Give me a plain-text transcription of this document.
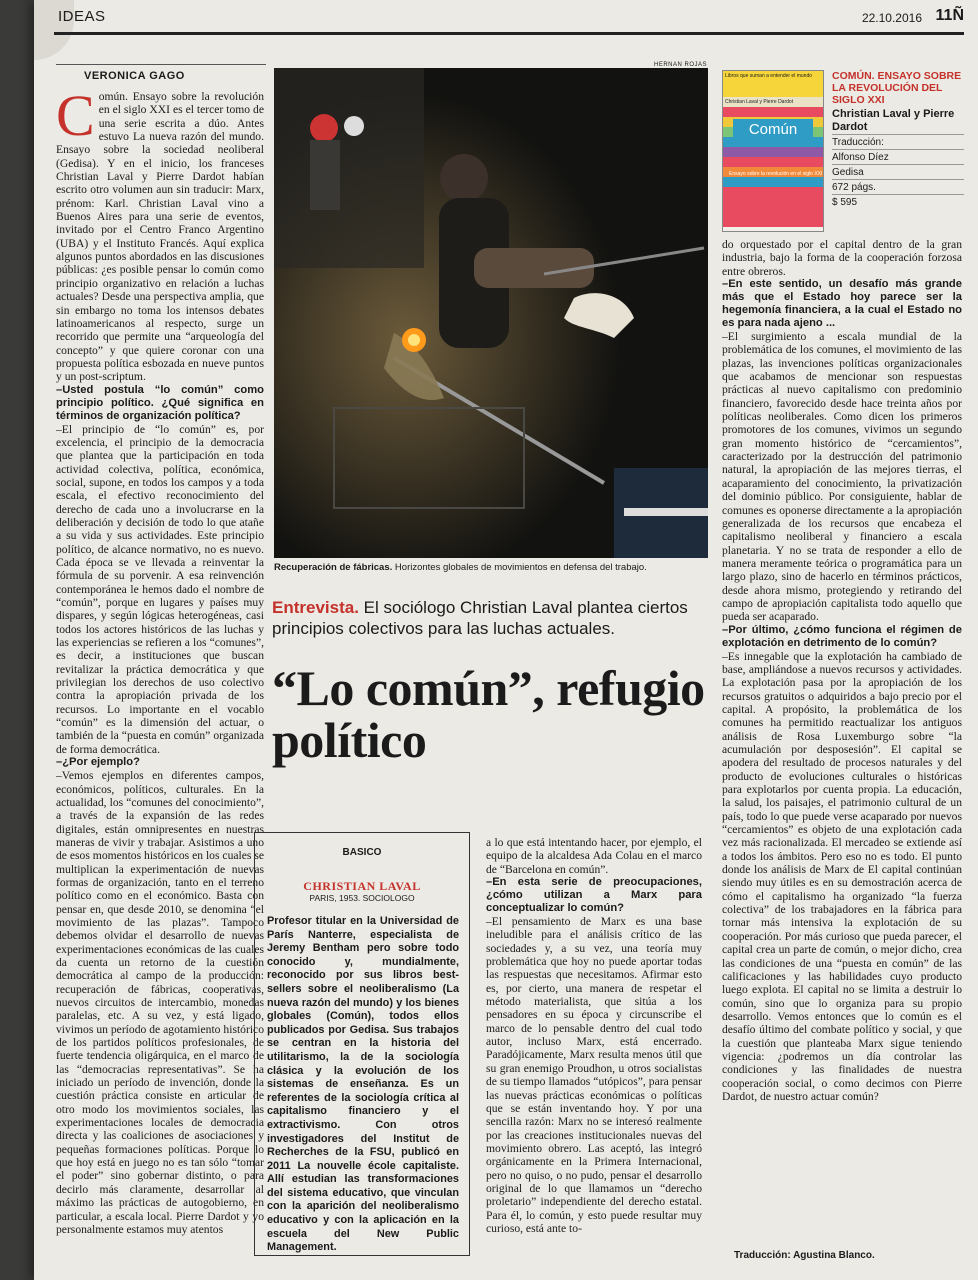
IDEAS	22.10.2016 11Ñ
VERONICA GAGO

Común. Ensayo sobre la revolución en el siglo XXI es el tercer tomo de una serie escrita a dúo. Antes estuvo La nueva razón del mundo. Ensayo sobre la sociedad neoliberal (Gedisa). Y en el inicio, los franceses Christian Laval y Pierre Dardot habían escrito otro volumen aun sin traducir: Marx, prénom: Karl. Christian Laval vino a Buenos Aires para una serie de eventos, invitado por el Centro Franco Argentino (UBA) y el Instituto Francés. Aquí explica algunos puntos abordados en las discusiones públicas: ¿es posible pensar lo común como principio organizativo en relación a luchas actuales? Desde una perspectiva amplia, que sin embargo no toma los intensos debates latinoamericanos al respecto, surge un recorrido que permite una “arqueología del concepto” y que quiere coronar con una propuesta política esbozada en nueve puntos y un post-scriptum.

–Usted postula “lo común” como principio político. ¿Qué significa en términos de organización política?

–El principio de “lo común” es, por excelencia, el principio de la democracia que plantea que la participación en toda actividad colectiva, política, económica, social, supone, en todos los campos y a toda escala, el efectivo reconocimiento del derecho de cada uno a involucrarse en la deliberación y decisión de todo lo que atañe a su vida y sus actividades. Este principio político, de alcance normativo, no es nuevo. Cada época se ve llevada a reinventar la fórmula de su porvenir. A esa reinvención contemporánea le hemos dado el nombre de “común”, porque en lugares y países muy dispares, y según lógicas heterogéneas, casi todos los actores históricos de las luchas y las experiencias se refieren a los “comunes”, es decir, a instituciones que buscan revitalizar la práctica democrática y que privilegian los derechos de uso colectivo contra la apropiación privada de los recursos. Lo importante en el vocablo “común” es la dimensión del actuar, o también de la “puesta en común” organizada de forma democrática.

–¿Por ejemplo?

–Vemos ejemplos en diferentes campos, económicos, políticos, culturales. En la actualidad, los “comunes del conocimiento”, a través de la expansión de las redes digitales, están omnipresentes en nuestras maneras de vivir y trabajar. Asistimos a uno de esos momentos históricos en los cuales se multiplican la experimentación de nuevas formas de organización, tanto en el terreno político como en el económico. Basta con pensar en, que desde 2010, se denomina “el movimiento de las plazas”. Tampoco debemos olvidar el desarrollo de nuevas experimentaciones económicas de las cuales da cuenta un retorno de la cuestión democrática al campo de la producción: recuperación de fábricas, cooperativas, nuevos circuitos de intercambio, monedas paralelas, etc. A su vez, y está ligado, vivimos un período de agotamiento histórico de los partidos políticos profesionales, de fuerte tendencia oligárquica, en el marco de las “democracias representativas”. Se ha iniciado un período de invención, donde la cuestión práctica consiste en articular de otro modo los movimientos sociales, las experimentaciones locales de democracia directa y las coaliciones de asociaciones y pequeñas formaciones políticas. Porque lo que hoy está en juego no es tan sólo “tomar el poder” sino gobernar distinto, o para decirlo más claramente, desarrollar al máximo las prácticas de autogobierno, en particular, a escala local. Pierre Dardot y yo personalmente estamos muy atentos

HERNAN ROJAS
Recuperación de fábricas. Horizontes globales de movimientos en defensa del trabajo.
Libros que suman a entender el mundo
Christian Laval y Pierre Dardot
Común
Ensayo sobre la revolución en el siglo XXI
COMÚN. ENSAYO SOBRE LA REVOLUCIÓN DEL SIGLO XXI
Christian Laval y Pierre Dardot
Traducción:
Alfonso Díez
Gedisa
672 págs.
$ 595
Entrevista. El sociólogo Christian Laval plantea ciertos principios colectivos para las luchas actuales.
“Lo común”, refugio político
BASICO
CHRISTIAN LAVAL
PARIS, 1953. SOCIOLOGO
Profesor titular en la Universidad de París Nanterre, especialista de Jeremy Bentham pero sobre todo conocido y, mundialmente, reconocido por sus libros best-sellers sobre el neoliberalismo (La nueva razón del mundo) y los bienes globales (Común), todos ellos publicados por Gedisa. Sus trabajos se centran en la historia del utilitarismo, la de la sociología clásica y la evolución de los sistemas de enseñanza. Es un referentes de la sociología crítica al capitalismo financiero y el extractivismo. Con otros investigadores del Institut de Recherches de la FSU, publicó en 2011 La nouvelle école capitaliste. Allí estudian las transformaciones del sistema educativo, que vinculan con la aparición del neoliberalismo educativo y con la aplicación en la escuela del New Public Management.

a lo que está intentando hacer, por ejemplo, el equipo de la alcaldesa Ada Colau en el marco de “Barcelona en común”.

–En esta serie de preocupaciones, ¿cómo utilizan a Marx para conceptualizar lo común?

–El pensamiento de Marx es una base ineludible para el análisis crítico de las sociedades y, a su vez, una teoría muy problemática que hoy no puede aportar todas las respuestas que necesitamos. Afirmar esto es, por cierto, una manera de respetar el método materialista, que sitúa a los pensadores en su época y circunscribe el marco de lo pensable dentro del cual todo autor, incluso Marx, está encerrado. Paradójicamente, Marx resulta menos útil que su gran enemigo Proudhon, u otros socialistas de su tiempo llamados “utópicos”, para pensar las nuevas prácticas económicas o políticas que se están inventando hoy. Y por una sencilla razón: Marx no se interesó realmente por las creaciones institucionales nuevas del movimiento obrero. Las aceptó, las integró orgánicamente en la Primera Internacional, pero no quiso, o no pudo, pensar el desarrollo original de lo que llamamos un “derecho proletario” independiente del derecho estatal. Para él, lo común, y esto puede resultar muy curioso, está ante to-

do orquestado por el capital dentro de la gran industria, bajo la forma de la cooperación forzosa entre obreros.

–En este sentido, un desafío más grande más que el Estado hoy parece ser la hegemonía financiera, a la cual el Estado no es para nada ajeno ...

–El surgimiento a escala mundial de la problemática de los comunes, el movimiento de las plazas, las invenciones políticas organizacionales que acabamos de mencionar son respuestas prácticas al nuevo capitalismo con predominio financiero, favorecido desde hace treinta años por políticas neoliberales. Como dicen los primeros promotores de los comunes, vivimos un segundo gran momento histórico de “cercamientos”, caracterizado por la destrucción del patrimonio natural, la apropiación de las mejores tierras, el acaparamiento del conocimiento, la privatización del dominio público. Por consiguiente, hablar de comunes es oponerse directamente a la apropiación generalizada de los recursos que encabeza el capitalismo neoliberal y financiero a escala planetaria. Y no se trata de responder a ello de manera meramente teórica o programática para un largo plazo, sino de hacerlo en términos prácticos, desde ahora mismo, protegiendo y retirando del campo de apropiación capitalista todo aquello que pueda ser acaparado.

–Por último, ¿cómo funciona el régimen de explotación en detrimento de lo común?

–Es innegable que la explotación ha cambiado de base, ampliándose a nuevos recursos y actividades. La explotación pasa por la apropiación de los recursos gratuitos o adquiridos a bajo precio por el capital. A propósito, la problemática de los comunes ha permitido reactualizar los antiguos análisis de Rosa Luxemburgo sobre “la acumulación por desposesión”. El capital se apodera del resultado de procesos naturales y del producto de evoluciones culturales o históricas para explotarlos por cuenta propia. La educación, la salud, los paisajes, el patrimonio cultural de un país, todo lo que puede verse acaparado por nuevos “cercamientos” es objeto de una explotación cada vez más racionalizada. El mercadeo se extiende así a todos los ámbitos. Pero eso no es todo. El punto donde los análisis de Marx de El capital continúan siendo muy útiles es en su demostración acerca de cómo el capitalismo ha organizado “la fuerza colectiva” de los trabajadores en la fábrica para tornar más intensiva la explotación de su cooperación. Por más curioso que pueda parecer, el capital crea un parte de común, o mejor dicho, crea las condiciones de una “puesta en común” de las calificaciones y las habilidades cuyo producto luego explota. El capital no se limita a destruir lo común, sino que lo organiza para su propio desarrollo. Vemos entonces que lo común es el desafío último del combate político y social, y que la cuestión que planteaba Marx sigue teniendo vigencia: ¿podremos un día controlar las condiciones y las finalidades de nuestra cooperación social, o como decimos con Pierre Dardot, de nuestro actuar común?

Traducción: Agustina Blanco.
